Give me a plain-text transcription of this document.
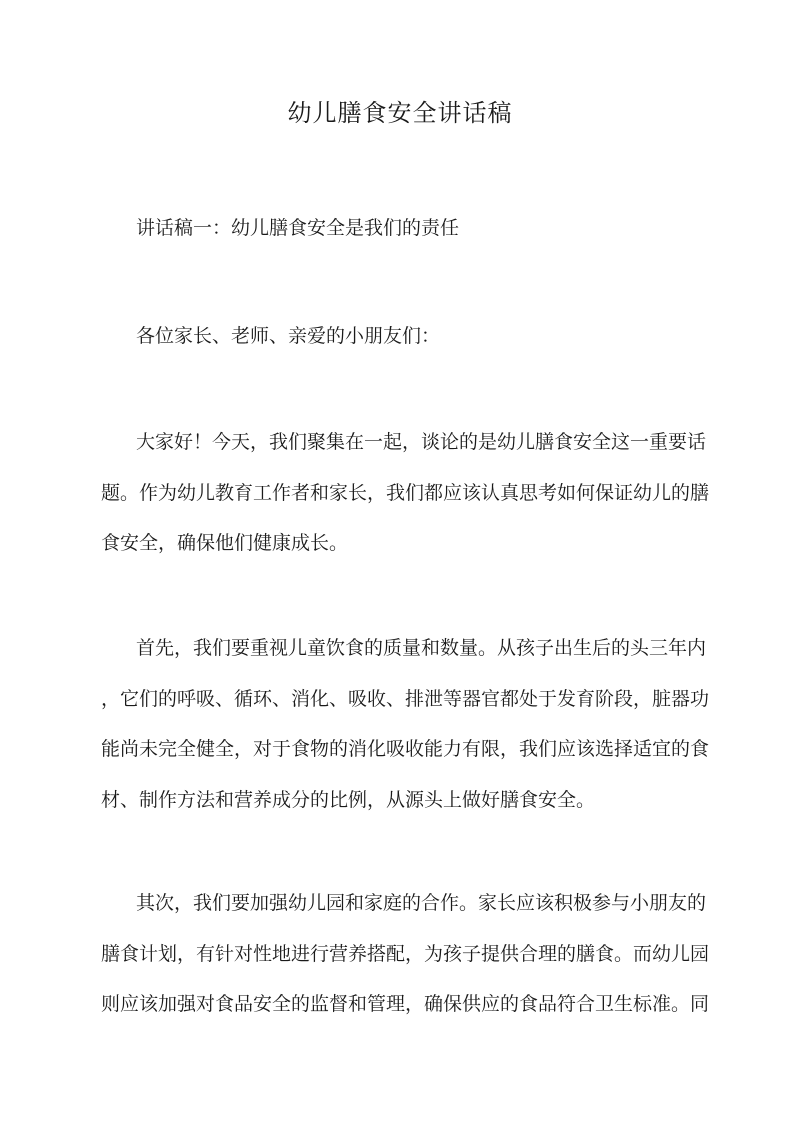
幼儿膳食安全讲话稿

讲话稿一：幼儿膳食安全是我们的责任

各位家长、老师、亲爱的小朋友们：

大家好！今天，我们聚集在一起，谈论的是幼儿膳食安全这一重要话

题。作为幼儿教育工作者和家长，我们都应该认真思考如何保证幼儿的膳

食安全，确保他们健康成长。

首先，我们要重视儿童饮食的质量和数量。从孩子出生后的头三年内

，它们的呼吸、循环、消化、吸收、排泄等器官都处于发育阶段，脏器功

能尚未完全健全，对于食物的消化吸收能力有限，我们应该选择适宜的食

材、制作方法和营养成分的比例，从源头上做好膳食安全。

其次，我们要加强幼儿园和家庭的合作。家长应该积极参与小朋友的

膳食计划，有针对性地进行营养搭配，为孩子提供合理的膳食。而幼儿园

则应该加强对食品安全的监督和管理，确保供应的食品符合卫生标准。同
